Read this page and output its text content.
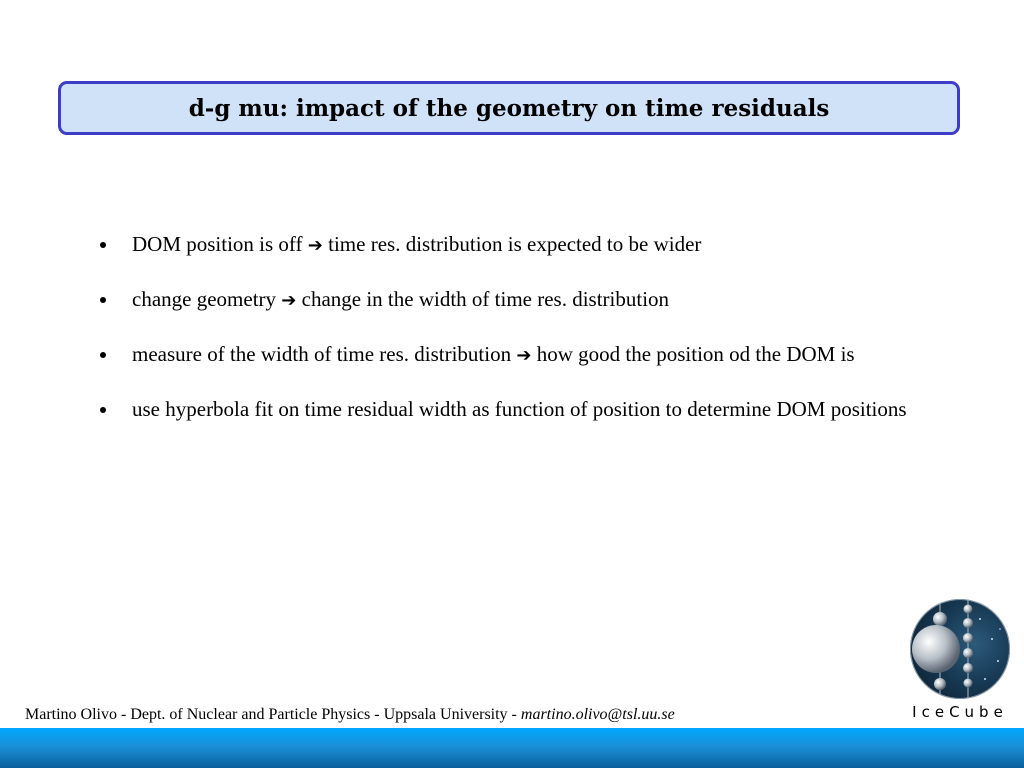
d-g mu: impact of the geometry on time residuals
DOM position is off ➔ time res. distribution is expected to be wider
change geometry ➔ change in the width of time res. distribution
measure of the width of time res. distribution ➔ how good the position od the DOM is
use hyperbola fit on time residual width as function of position to determine DOM positions
IceCube
Martino Olivo - Dept. of Nuclear and Particle Physics - Uppsala University - martino.olivo@tsl.uu.se
